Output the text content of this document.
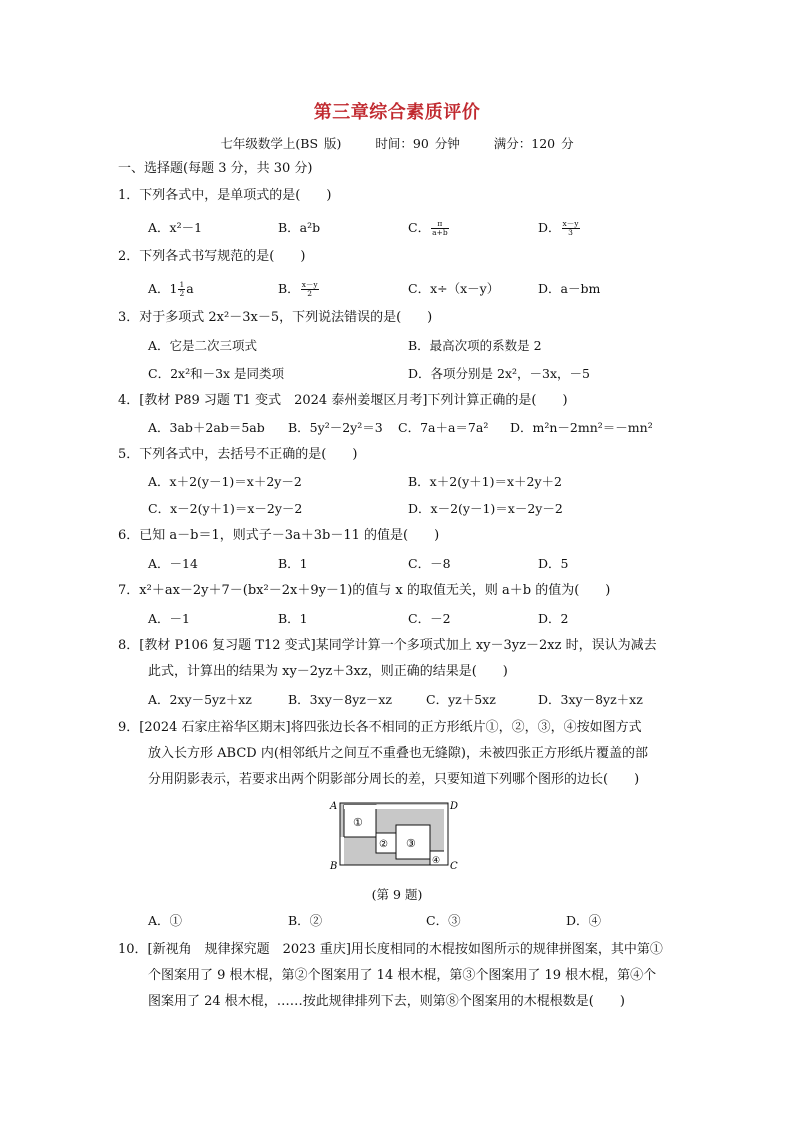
第三章综合素质评价
七年级数学上(BS 版)	时间：90 分钟	满分：120 分
一、选择题(每题 3 分，共 30 分)
1．下列各式中，是单项式的是(　　)
A．x²－1	B．a²b	C． $\frac{\pi}{a+b}$	D． $\frac{x-y}{3}$
2．下列各式书写规范的是(　　)
A．$1 \frac{1}{2}$ a	B． $\frac{x-y}{2}$	C．x÷（x－y）	D．a－bm
3．对于多项式 2x²－3x－5，下列说法错误的是(　　)
A．它是二次三项式	B．最高次项的系数是 2
C．2x²和－3x 是同类项	D．各项分别是 2x²，－3x，－5
4．[教材 P89 习题 T1 变式　2024 泰州姜堰区月考]下列计算正确的是(　　)
A．3ab＋2ab＝5ab B．5y²－2y²＝3 C．7a＋a＝7a² D．m²n－2mn²＝－mn²
5．下列各式中，去括号不正确的是(　　)
A．x＋2(y－1)＝x＋2y－2	B．x＋2(y＋1)＝x＋2y＋2
C．x－2(y＋1)＝x－2y－2	D．x－2(y－1)＝x－2y－2
6．已知 a－b＝1，则式子－3a＋3b－11 的值是(　　)
A．－14	B．1	C．－8	D．5
7．x²＋ax－2y＋7－(bx²－2x＋9y－1)的值与 x 的取值无关，则 a＋b 的值为(　　)
A．－1	B．1	C．－2	D．2
8．[教材 P106 复习题 T12 变式]某同学计算一个多项式加上 xy－3yz－2xz 时，误认为减去
此式，计算出的结果为 xy－2yz＋3xz，则正确的结果是(　　)
A．2xy－5yz＋xz	B．3xy－8yz－xz	C．yz＋5xz	D．3xy－8yz＋xz
9．[2024 石家庄裕华区期末]将四张边长各不相同的正方形纸片①，②，③，④按如图方式
放入长方形 ABCD 内(相邻纸片之间互不重叠也无缝隙)，未被四张正方形纸片覆盖的部
分用阴影表示，若要求出两个阴影部分周长的差，只要知道下列哪个图形的边长(　　)
①
② ③
④
A
B	C
D
(第 9 题)
A．①	B．②	C．③	D．④
10．[新视角　规律探究题　2023 重庆]用长度相同的木棍按如图所示的规律拼图案，其中第①
个图案用了 9 根木棍，第②个图案用了 14 根木棍，第③个图案用了 19 根木棍，第④个
图案用了 24 根木棍，……按此规律排列下去，则第⑧个图案用的木棍根数是(　　)
